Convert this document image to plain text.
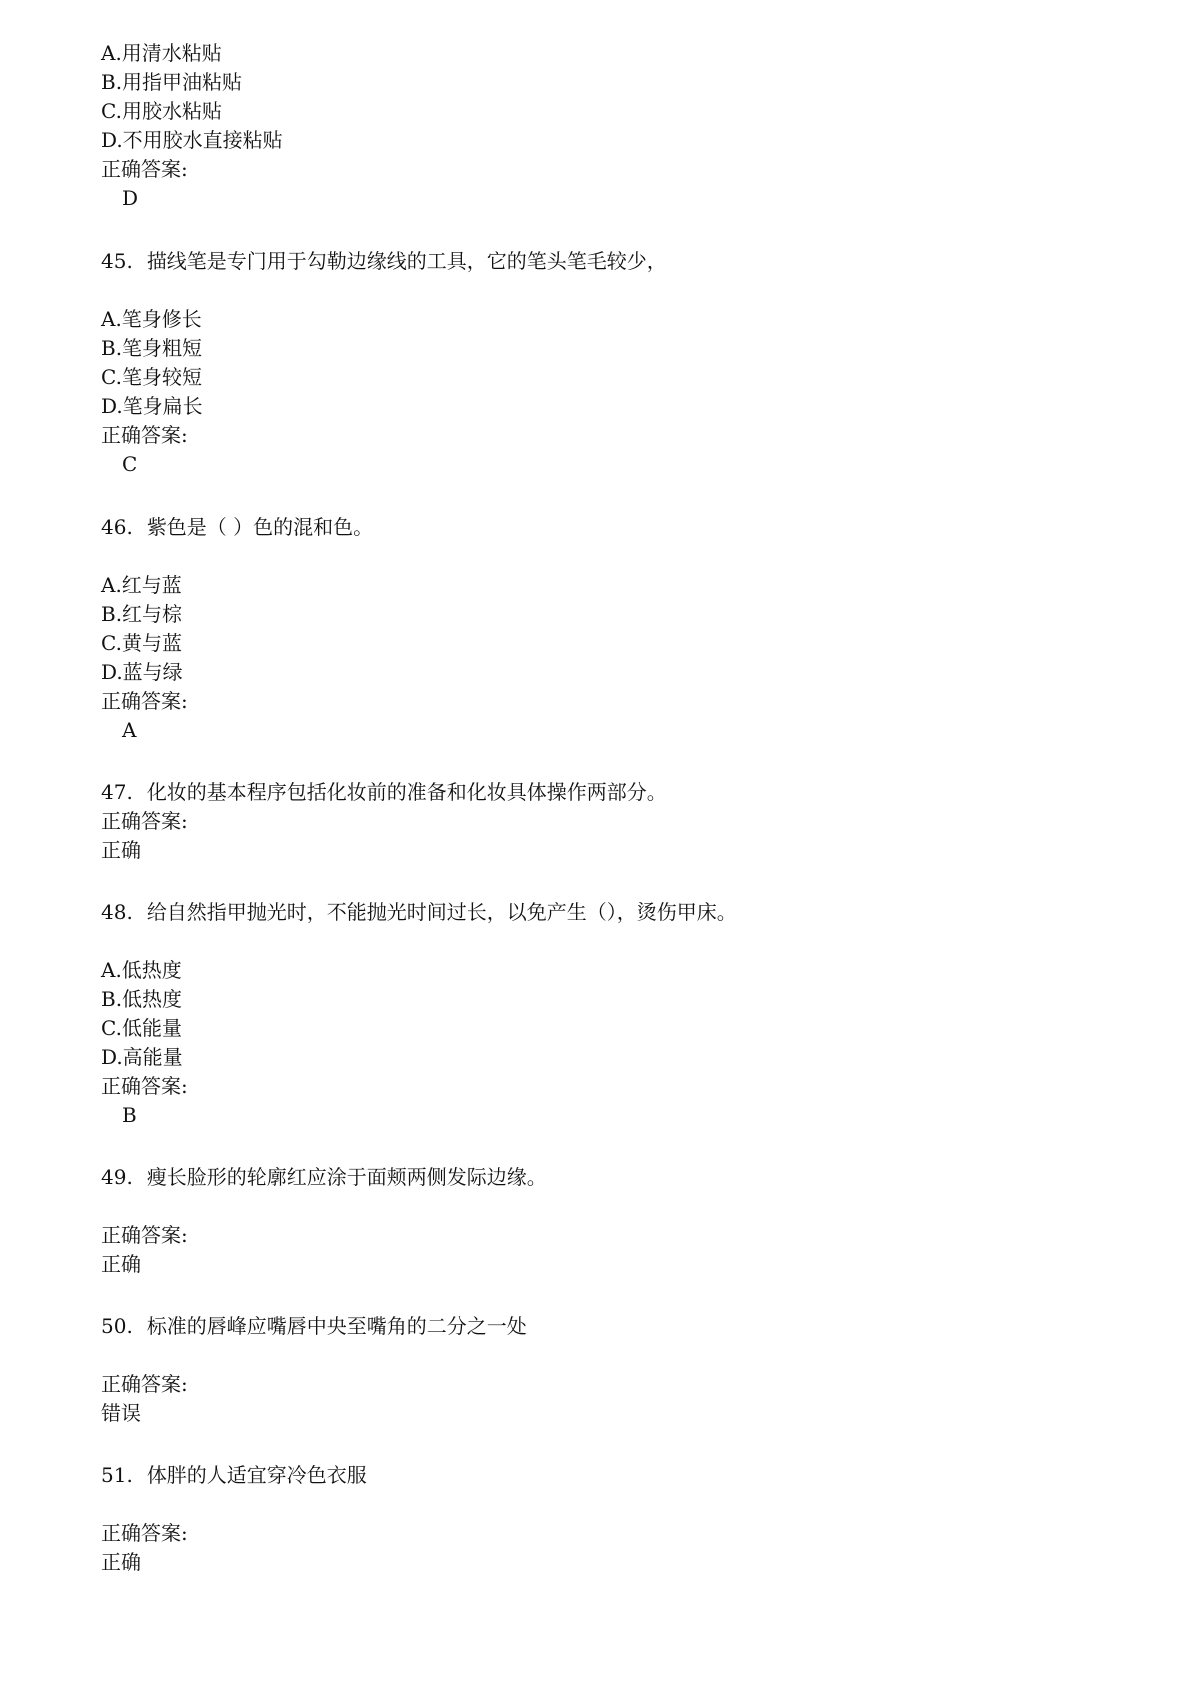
A.用清水粘贴
B.用指甲油粘贴
C.用胶水粘贴
D.不用胶水直接粘贴
正确答案:
D
45. 描线笔是专门用于勾勒边缘线的工具，它的笔头笔毛较少，
A.笔身修长
B.笔身粗短
C.笔身较短
D.笔身扁长
正确答案:
C
46. 紫色是（ ）色的混和色。
A.红与蓝
B.红与棕
C.黄与蓝
D.蓝与绿
正确答案:
A
47. 化妆的基本程序包括化妆前的准备和化妆具体操作两部分。
正确答案:
正确
48. 给自然指甲抛光时，不能抛光时间过长，以免产生（），烫伤甲床。
A.低热度
B.低热度
C.低能量
D.高能量
正确答案:
B
49. 瘦长脸形的轮廓红应涂于面颊两侧发际边缘。
正确答案:
正确
50. 标准的唇峰应嘴唇中央至嘴角的二分之一处
正确答案:
错误
51. 体胖的人适宜穿冷色衣服
正确答案:
正确
